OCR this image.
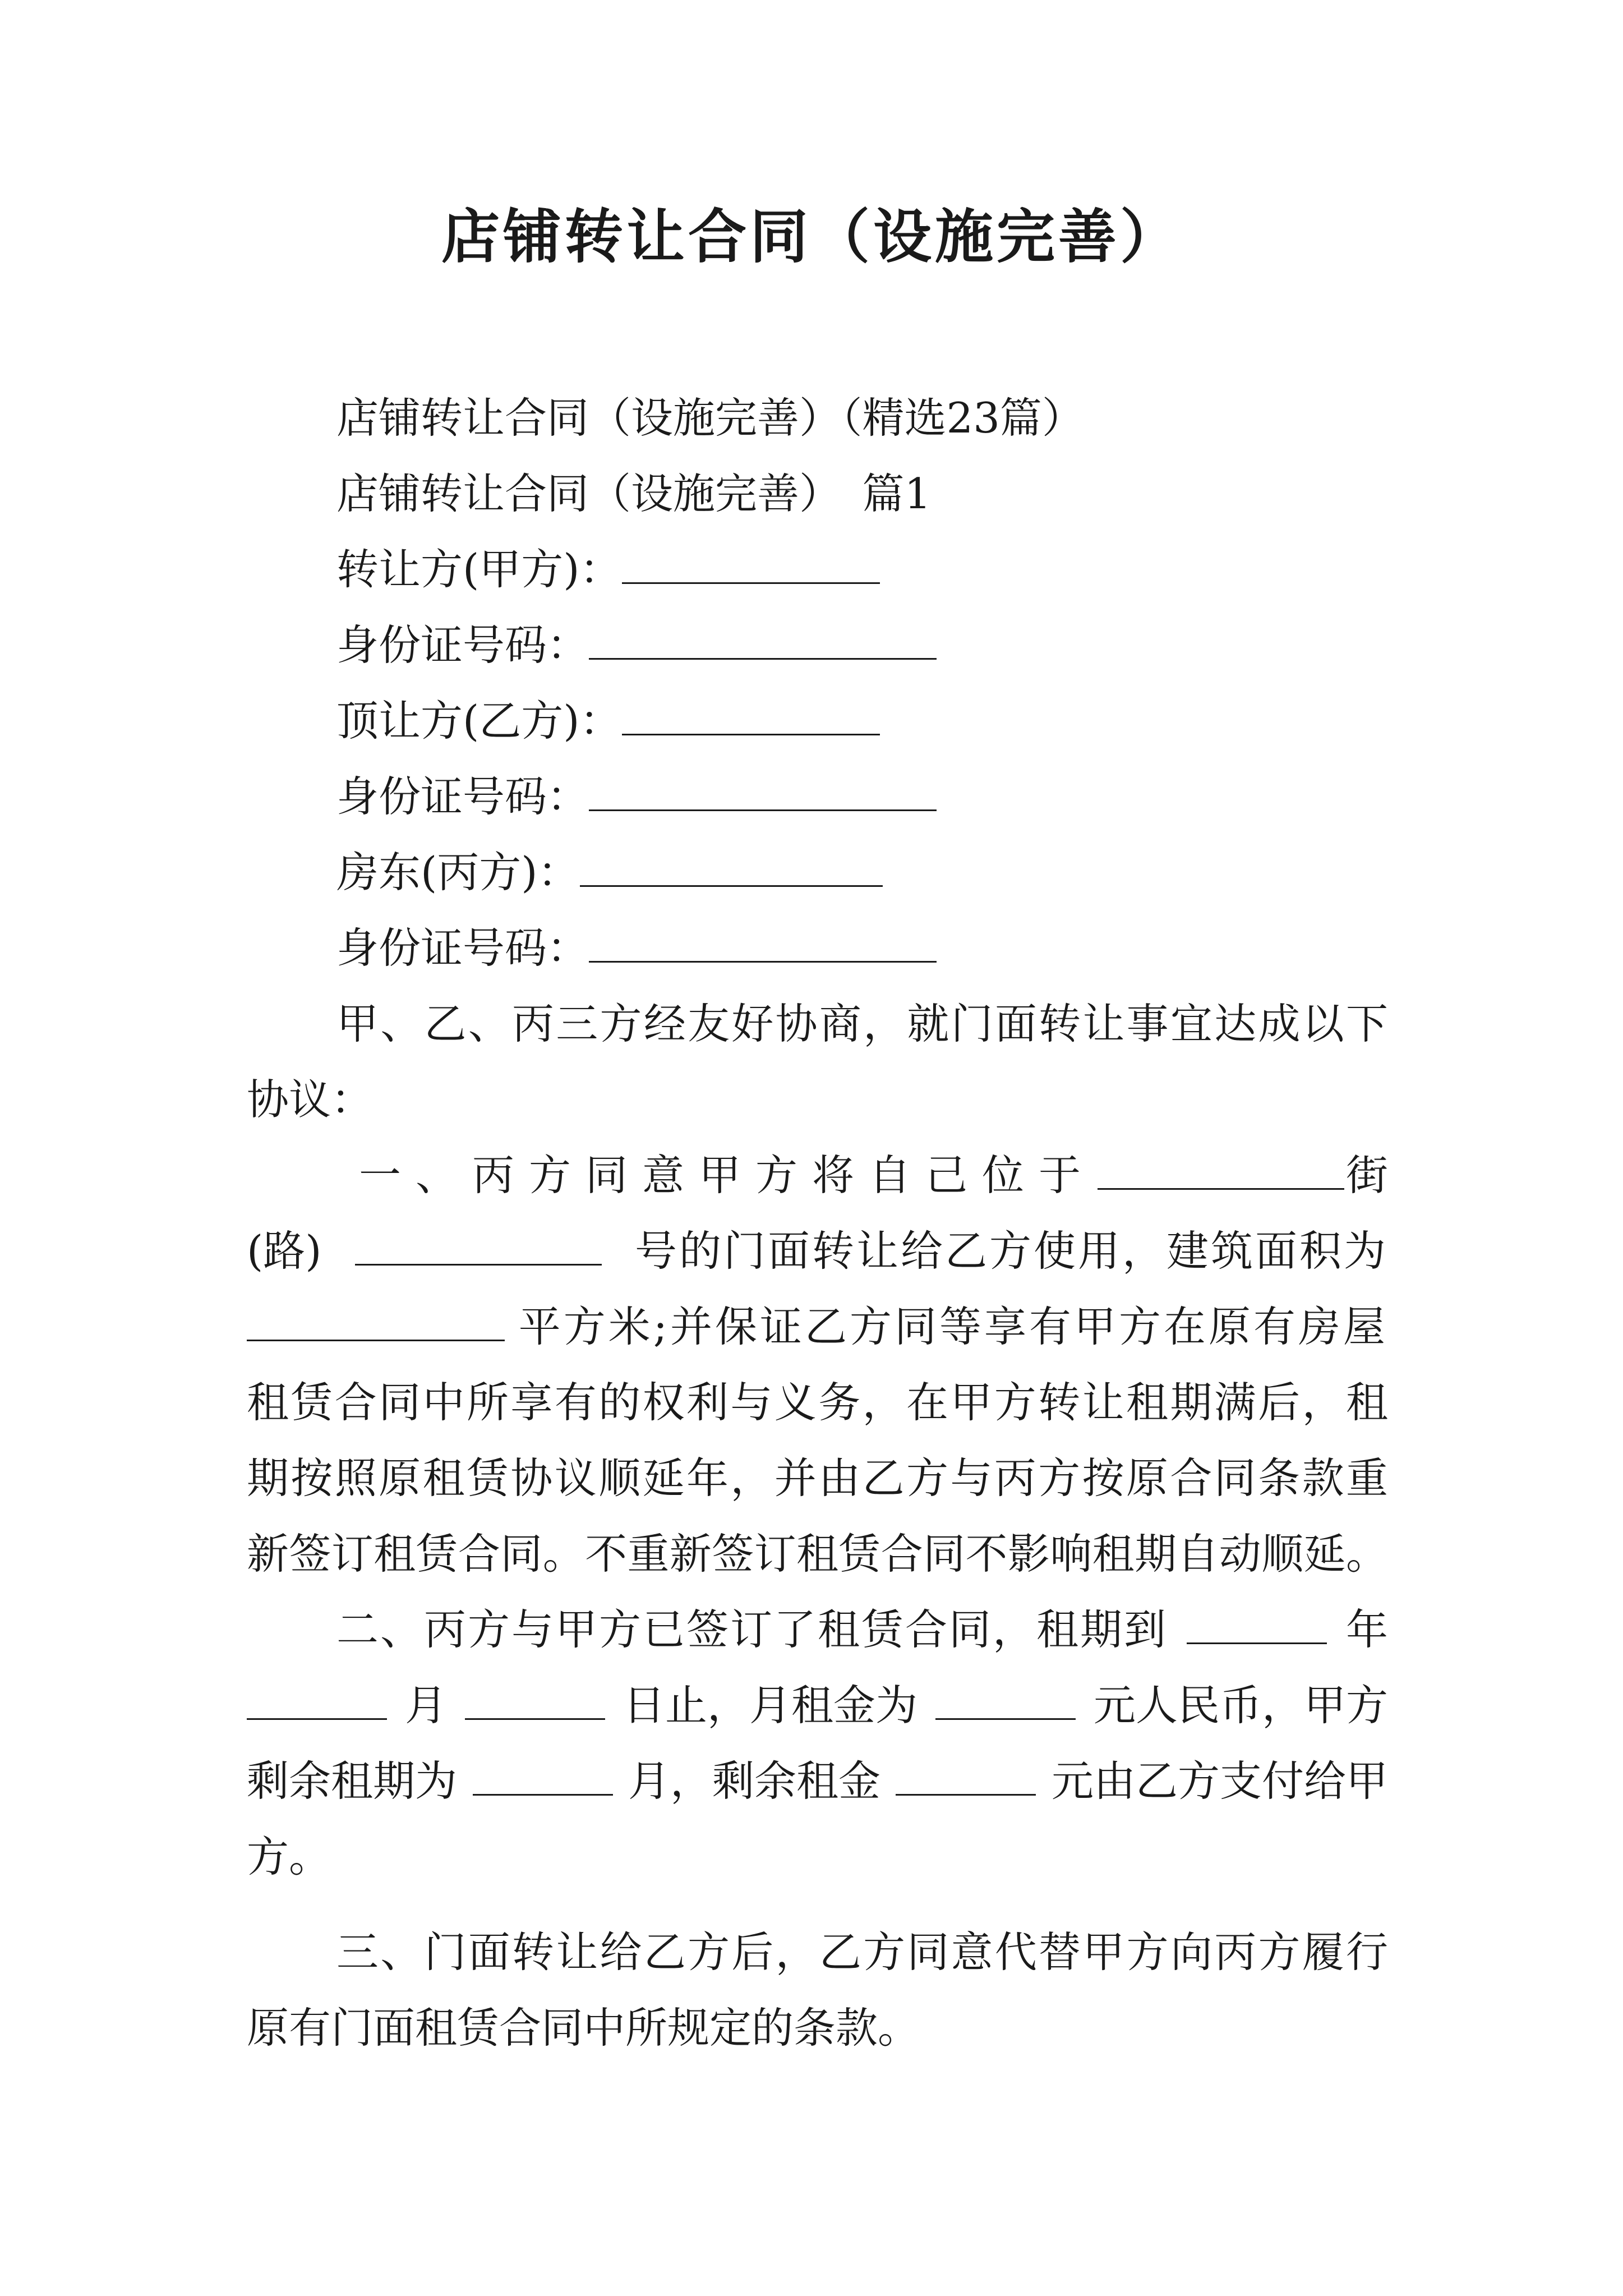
店铺转让合同（设施完善）
店铺转让合同（设施完善）（精选23篇）
店铺转让合同（设施完善）　篇1
转让方(甲方)：
身份证号码：
顶让方(乙方)：
身份证号码：
房东(丙方)：
身份证号码：
甲、乙、丙三方经友好协商，就门面转让事宜达成以下
协议：
一、丙方同意甲方将自己位于	街
(路)	号的门面转让给乙方使用，建筑面积为
平方米;并保证乙方同等享有甲方在原有房屋
租赁合同中所享有的权利与义务，在甲方转让租期满后，租
期按照原租赁协议顺延年，并由乙方与丙方按原合同条款重
新签订租赁合同。不重新签订租赁合同不影响租期自动顺延。
二、丙方与甲方已签订了租赁合同，租期到	年
月	日止，月租金为	元人民币，甲方
剩余租期为	月，剩余租金	元由乙方支付给甲
方。
三、门面转让给乙方后，乙方同意代替甲方向丙方履行
原有门面租赁合同中所规定的条款。
